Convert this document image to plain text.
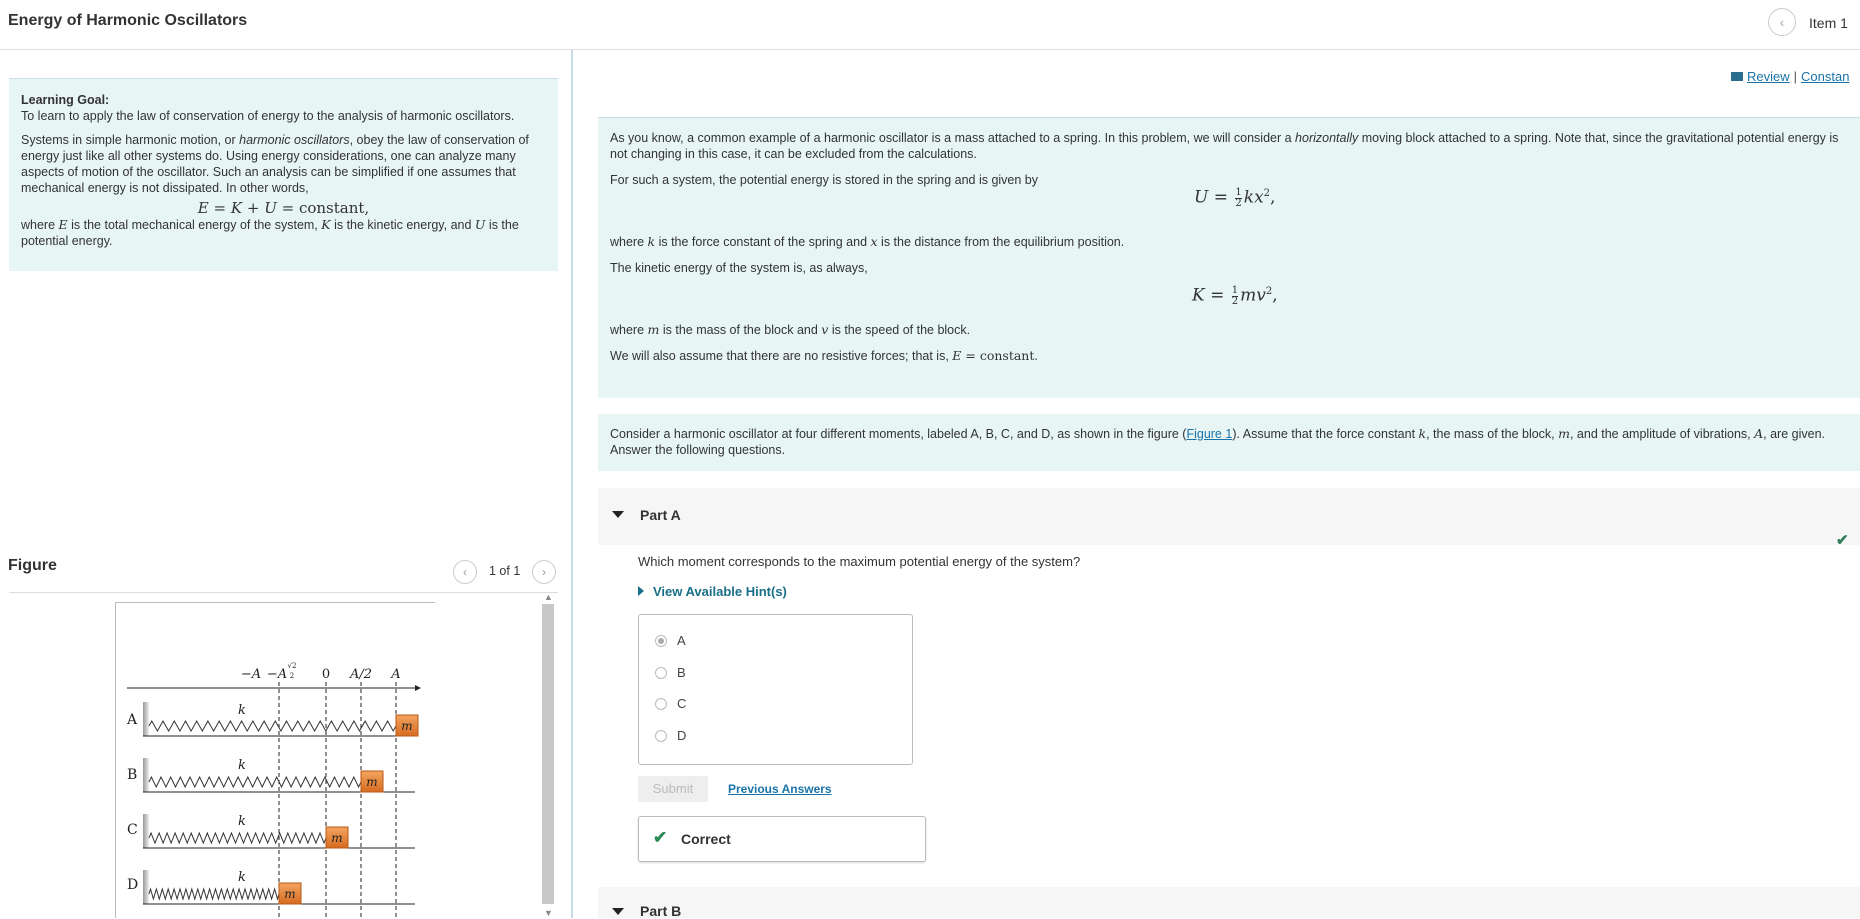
Energy of Harmonic Oscillators	‹	Item 1
Learning Goal:

To learn to apply the law of conservation of energy to the analysis of harmonic oscillators.

Systems in simple harmonic motion, or harmonic oscillators, obey the law of conservation of energy just like all other systems do. Using energy considerations, one can analyze many aspects of motion of the oscillator. Such an analysis can be simplified if one assumes that mechanical energy is not dissipated. In other words,
E = K + U = constant,
where E is the total mechanical energy of the system, K is the kinetic energy, and U is the potential energy.
Figure	‹	1 of 1	›
−A −A
√2
2 0 A/2 A
A
k
m
B
k
m
C
k
m
D	k
m
▲
▼
Review | Constan

As you know, a common example of a harmonic oscillator is a mass attached to a spring. In this problem, we will consider a horizontally moving block attached to a spring. Note that, since the gravitational potential energy is not changing in this case, it can be excluded from the calculations.

For such a system, the potential energy is stored in the spring and is given by

$U = \frac{1}{2} kx^2$,

where k is the force constant of the spring and x is the distance from the equilibrium position.

The kinetic energy of the system is, as always,

$K = \frac{1}{2} mv^2$,

where m is the mass of the block and v is the speed of the block.

We will also assume that there are no resistive forces; that is, E = constant.

Consider a harmonic oscillator at four different moments, labeled A, B, C, and D, as shown in the figure (Figure 1). Assume that the force constant k, the mass of the block, m, and the amplitude of vibrations, A, are given. Answer the following questions.
Part A
✔
Which moment corresponds to the maximum potential energy of the system?
View Available Hint(s)
A
B
C
D
Submit	Previous Answers
✔ Correct
Part B
